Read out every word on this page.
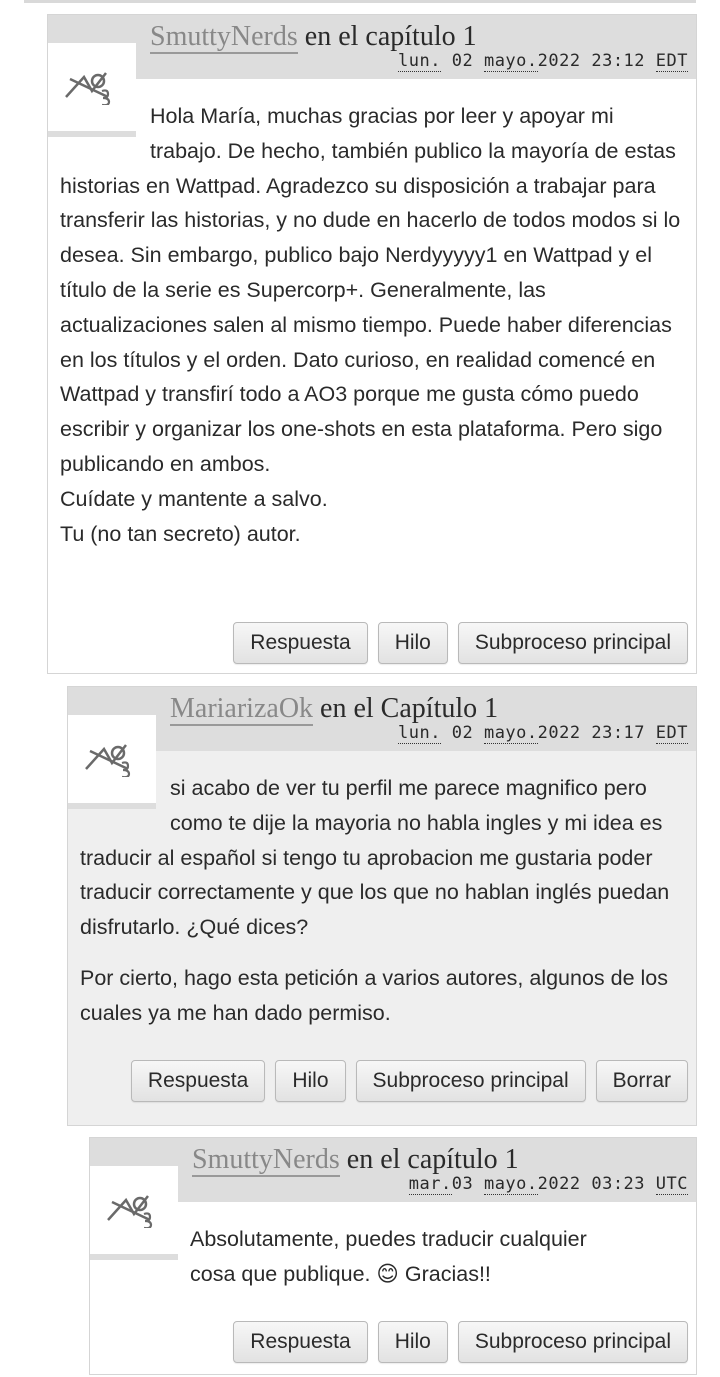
SmuttyNerds en el capítulo 1
lun. 02 mayo.2022 23:12 EDT

Hola María, muchas gracias por leer y apoyar mi trabajo. De hecho, también publico la mayoría de estas historias en Wattpad. Agradezco su disposición a trabajar para transferir las historias, y no dude en hacerlo de todos modos si lo desea. Sin embargo, publico bajo Nerdyyyyy1 en Wattpad y el título de la serie es Supercorp+. Generalmente, las actualizaciones salen al mismo tiempo. Puede haber diferencias en los títulos y el orden. Dato curioso, en realidad comencé en Wattpad y transfirí todo a AO3 porque me gusta cómo puedo escribir y organizar los one-shots en esta plataforma. Pero sigo publicando en ambos.

Cuídate y mantente a salvo.

Tu (no tan secreto) autor.

Respuesta	Hilo	Subproceso principal
MariarizaOk en el Capítulo 1
lun. 02 mayo.2022 23:17 EDT

si acabo de ver tu perfil me parece magnifico pero como te dije la mayoria no habla ingles y mi idea es traducir al español si tengo tu aprobacion me gustaria poder traducir correctamente y que los que no hablan inglés puedan disfrutarlo. ¿Qué dices?

Por cierto, hago esta petición a varios autores, algunos de los cuales ya me han dado permiso.

Respuesta	Hilo	Subproceso principal	Borrar
SmuttyNerds en el capítulo 1
mar.03 mayo.2022 03:23 UTC

Absolutamente, puedes traducir cualquier cosa que publique. 😊 Gracias!!

Respuesta	Hilo	Subproceso principal
